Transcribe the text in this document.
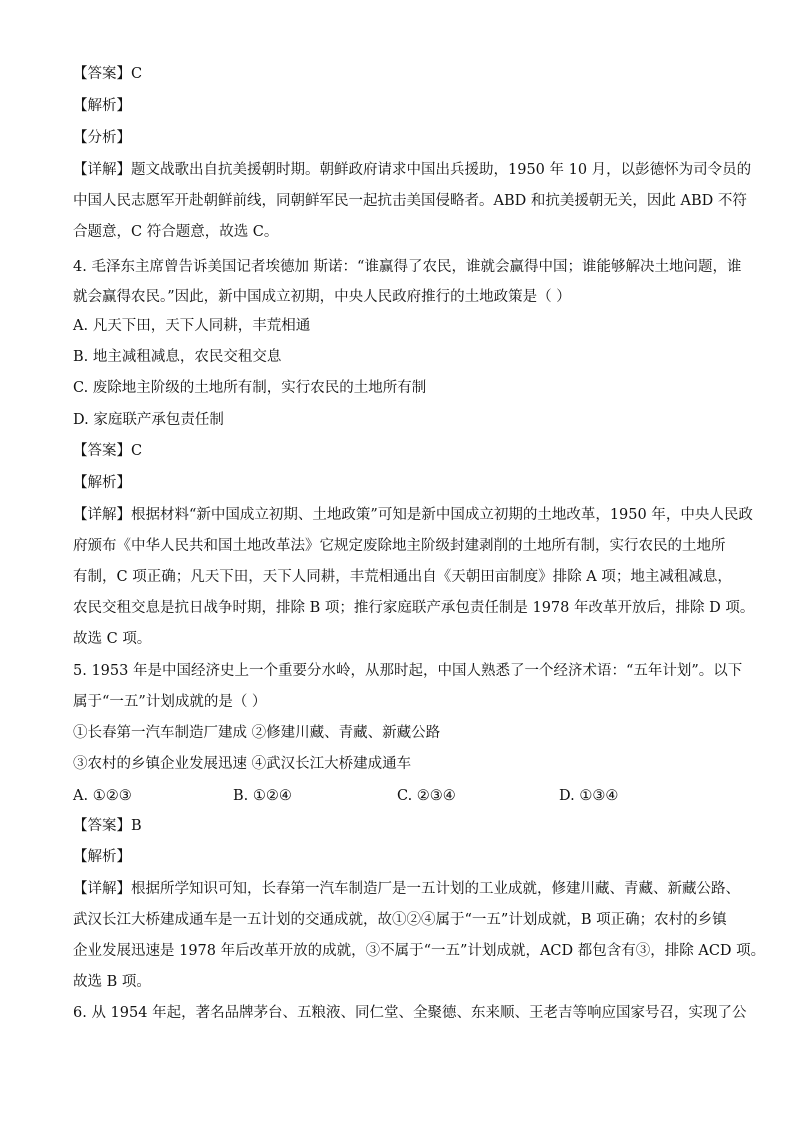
【答案】C
【解析】
【分析】
【详解】题文战歌出自抗美援朝时期。朝鲜政府请求中国出兵援助，1950 年 10 月，以彭德怀为司令员的
中国人民志愿军开赴朝鲜前线，同朝鲜军民一起抗击美国侵略者。ABD 和抗美援朝无关，因此 ABD 不符
合题意，C 符合题意，故选 C。
4. 毛泽东主席曾告诉美国记者埃德加 斯诺：“谁赢得了农民，谁就会赢得中国；谁能够解决土地问题，谁
就会赢得农民。”因此，新中国成立初期，中央人民政府推行的土地政策是（ ）
A. 凡天下田，天下人同耕，丰荒相通
B. 地主减租减息，农民交租交息
C. 废除地主阶级的土地所有制，实行农民的土地所有制
D. 家庭联产承包责任制
【答案】C
【解析】
【详解】根据材料“新中国成立初期、土地政策”可知是新中国成立初期的土地改革，1950 年，中央人民政
府颁布《中华人民共和国土地改革法》它规定废除地主阶级封建剥削的土地所有制，实行农民的土地所
有制，C 项正确；凡天下田，天下人同耕，丰荒相通出自《天朝田亩制度》排除 A 项；地主减租减息，
农民交租交息是抗日战争时期，排除 B 项；推行家庭联产承包责任制是 1978 年改革开放后，排除 D 项。
故选 C 项。
5. 1953 年是中国经济史上一个重要分水岭，从那时起，中国人熟悉了一个经济术语：“五年计划”。以下
属于“一五”计划成就的是（ ）
①长春第一汽车制造厂建成 ②修建川藏、青藏、新藏公路
③农村的乡镇企业发展迅速 ④武汉长江大桥建成通车
A. ①②③	B. ①②④	C. ②③④	D. ①③④
【答案】B
【解析】
【详解】根据所学知识可知，长春第一汽车制造厂是一五计划的工业成就，修建川藏、青藏、新藏公路、
武汉长江大桥建成通车是一五计划的交通成就，故①②④属于“一五”计划成就，B 项正确；农村的乡镇
企业发展迅速是 1978 年后改革开放的成就，③不属于“一五”计划成就，ACD 都包含有③，排除 ACD 项。
故选 B 项。
6. 从 1954 年起，著名品牌茅台、五粮液、同仁堂、全聚德、东来顺、王老吉等响应国家号召，实现了公
